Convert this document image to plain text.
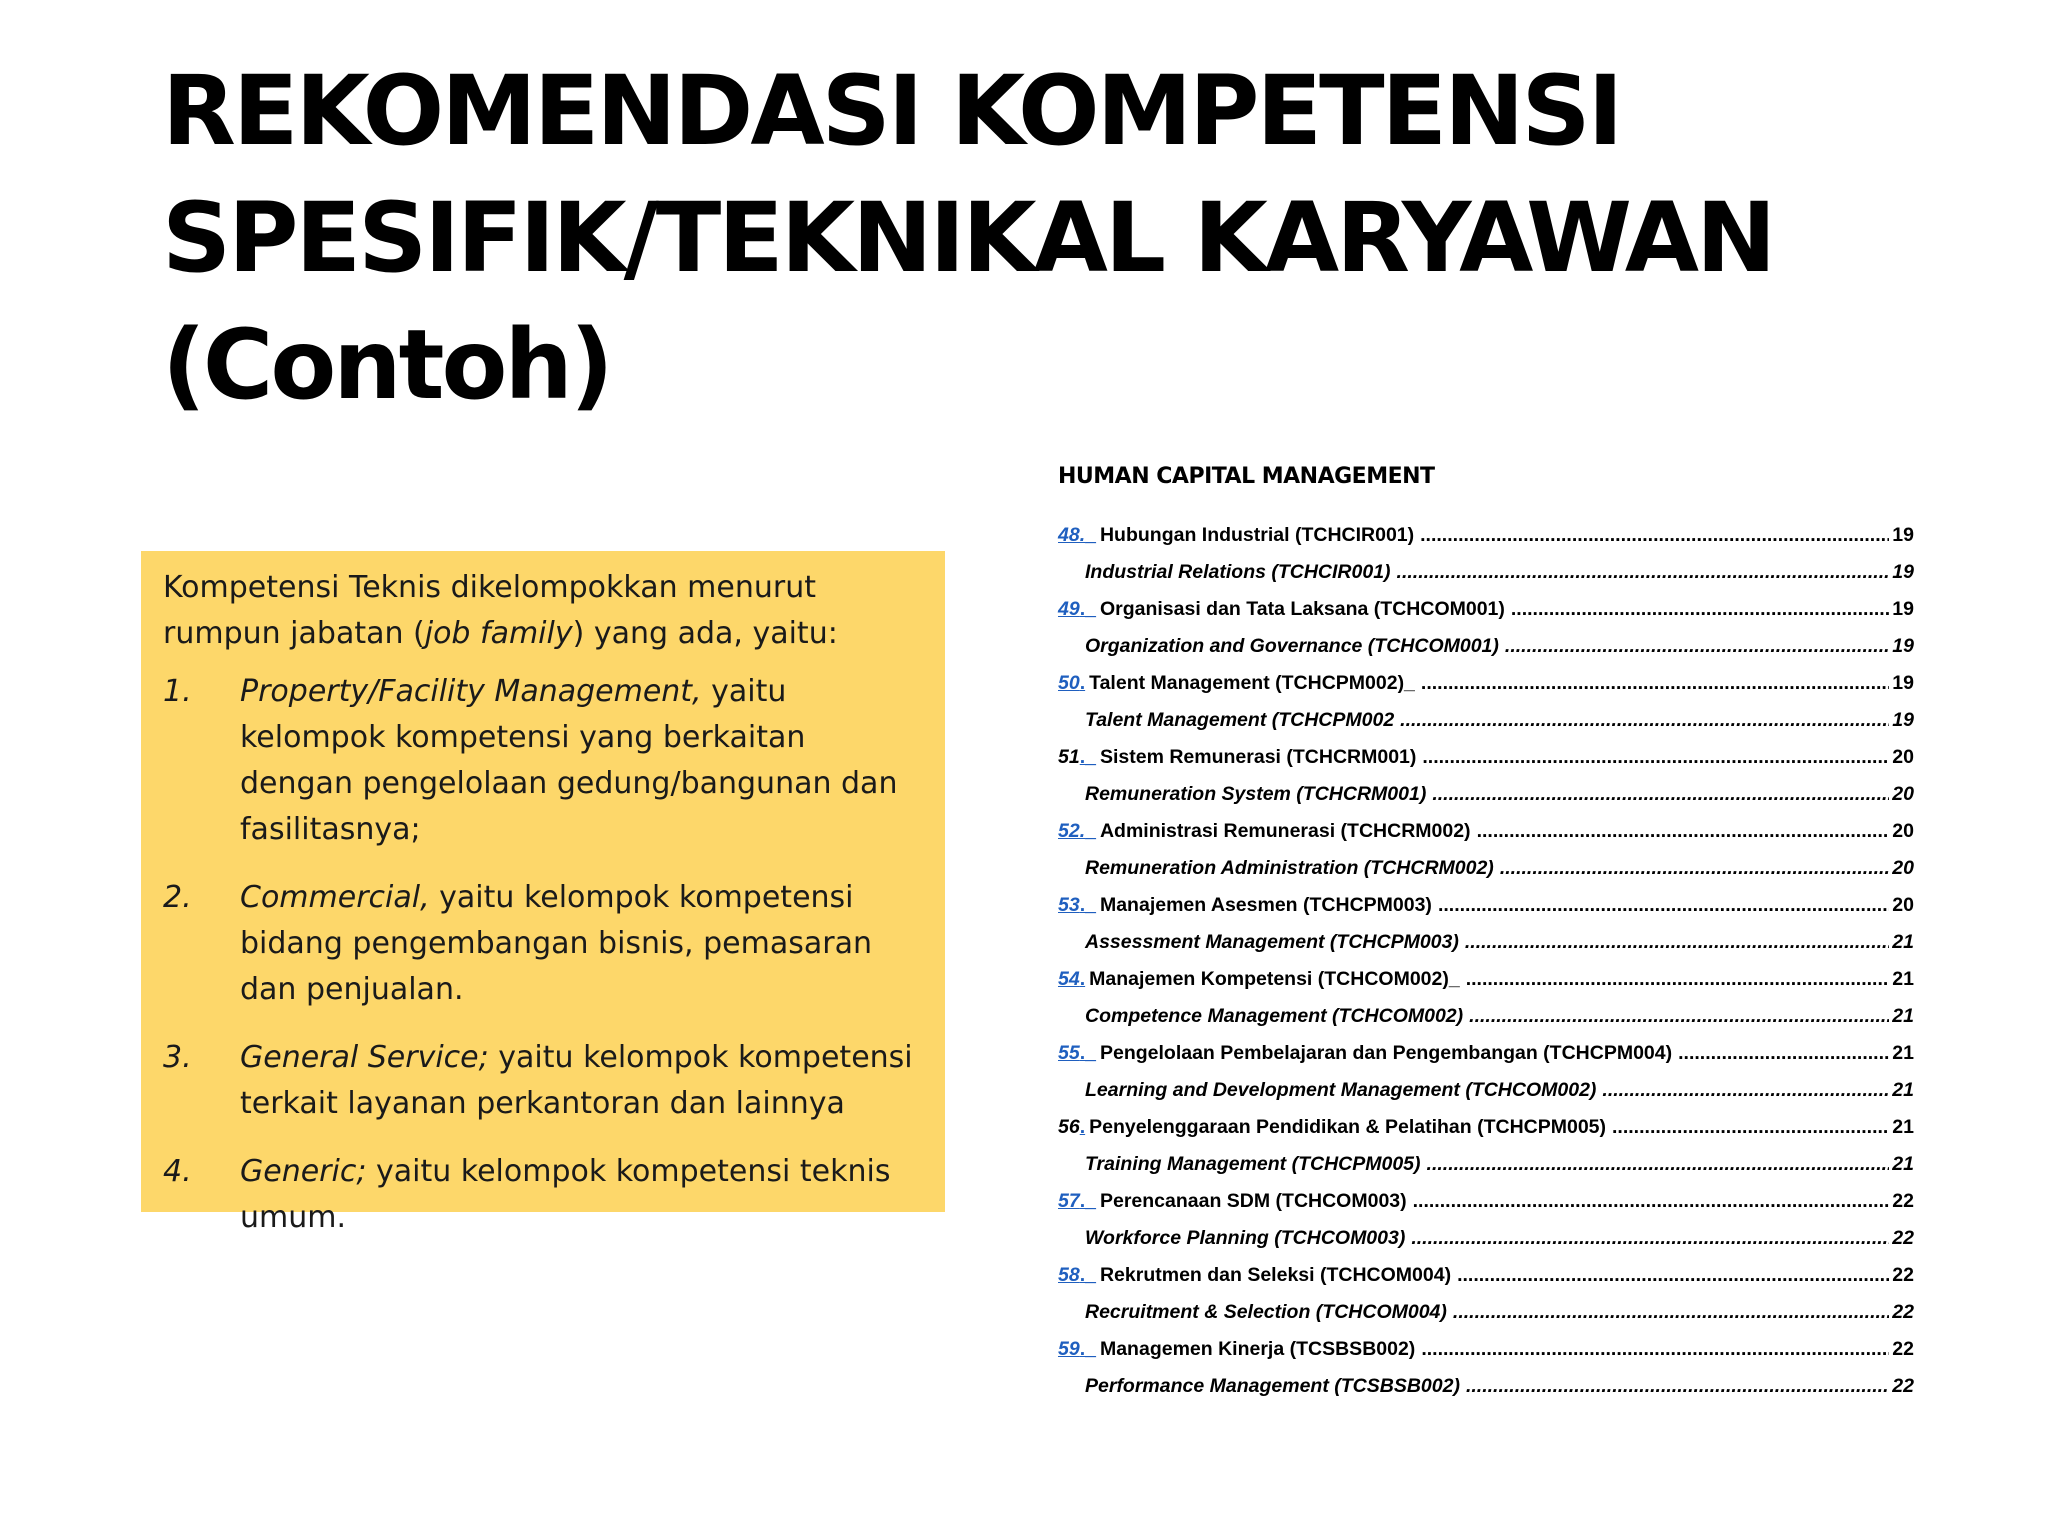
REKOMENDASI KOMPETENSI
SPESIFIK/TEKNIKAL KARYAWAN
(Contoh)

Kompetensi Teknis dikelompokkan menurut rumpun jabatan (job family) yang ada, yaitu:

1.	Property/Facility Management, yaitu kelompok kompetensi yang berkaitan dengan pengelolaan gedung/bangunan dan fasilitasnya;
2.	Commercial, yaitu kelompok kompetensi bidang pengembangan bisnis, pemasaran dan penjualan.
3.	General Service; yaitu kelompok kompetensi terkait layanan perkantoran dan lainnya
4.	Generic; yaitu kelompok kompetensi teknis umum.
HUMAN CAPITAL MANAGEMENT
48. _ Hubungan Industrial (TCHCIR001) .....	19
Industrial Relations (TCHCIR001) .....	19
49 ._ Organisasi dan Tata Laksana (TCHCOM001) .....	19
Organization and Governance (TCHCOM001) .....	19
50 . Talent Management (TCHCPM002)_ .....	19
Talent Management (TCHCPM002 .....	19
51 ._ Sistem Remunerasi (TCHCRM001) .....	20
Remuneration System (TCHCRM001) .....	20
52. _ Administrasi Remunerasi (TCHCRM002) .....	20
Remuneration Administration (TCHCRM002) .....	20
53 ._ Manajemen Asesmen (TCHCPM003) .....	20
Assessment Management (TCHCPM003) .....	21
54 . Manajemen Kompetensi (TCHCOM002)_ .....	21
Competence Management (TCHCOM002) .....	21
55 ._ Pengelolaan Pembelajaran dan Pengembangan (TCHCPM004) .....	21
Learning and Development Management (TCHCOM002) .....	21
56 . Penyelenggaraan Pendidikan & Pelatihan (TCHCPM005) .....	21
Training Management (TCHCPM005) .....	21
57 ._ Perencanaan SDM (TCHCOM003) .....	22
Workforce Planning (TCHCOM003) .....	22
58 ._ Rekrutmen dan Seleksi (TCHCOM004) .....	22
Recruitment & Selection (TCHCOM004) .....	22
59 ._ Managemen Kinerja (TCSBSB002) .....	22
Performance Management (TCSBSB002) .....	22
